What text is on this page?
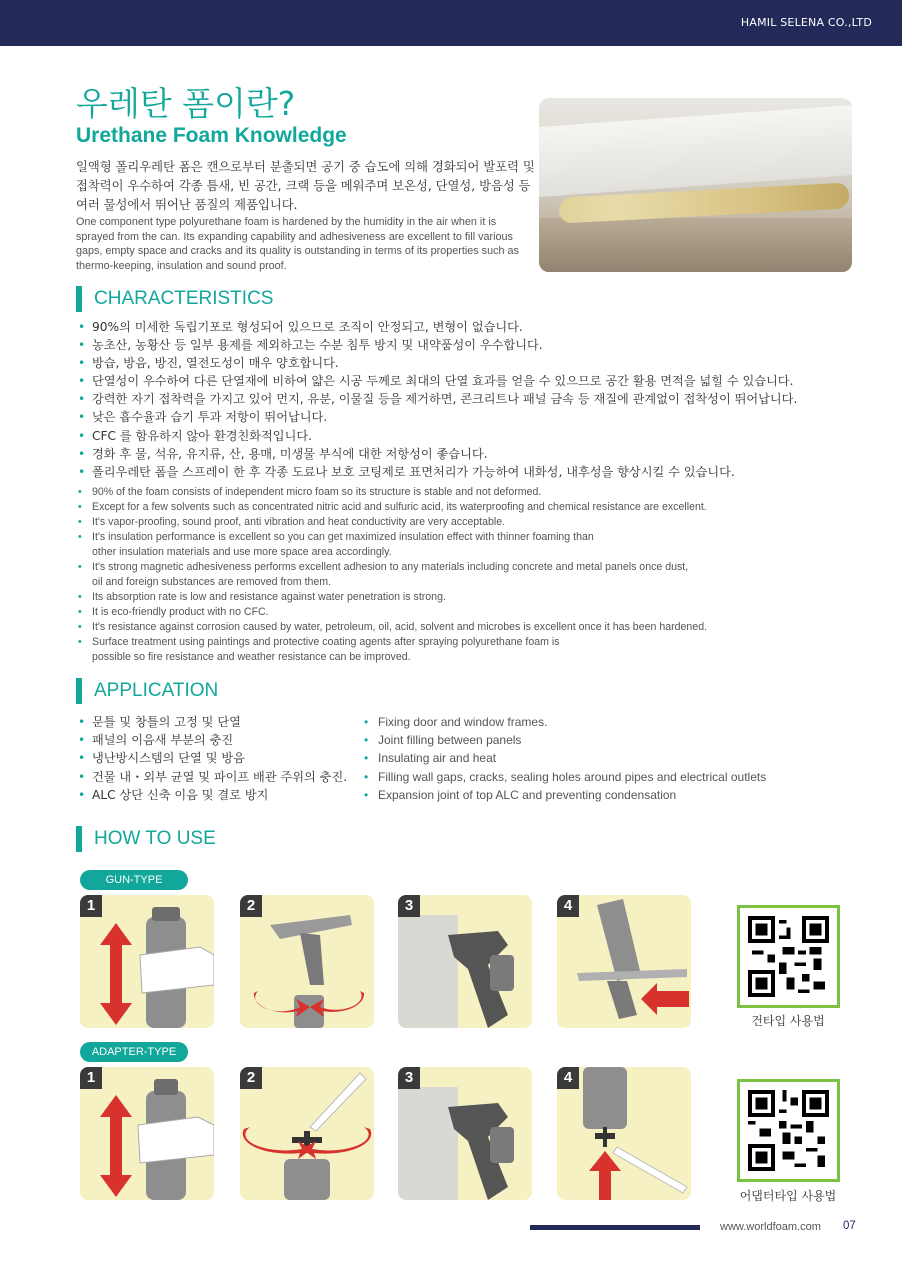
HAMIL SELENA CO.,LTD
우레탄 폼이란?
Urethane Foam Knowledge

일액형 폴리우레탄 폼은 캔으로부터 분출되면 공기 중 습도에 의해 경화되어 발포력 및 접착력이 우수하여 각종 틈새, 빈 공간, 크랙 등을 메워주며 보온성, 단열성, 방음성 등 여러 물성에서 뛰어난 품질의 제품입니다.

One component type polyurethane foam is hardened by the humidity in the air when it is sprayed from the can. Its expanding capability and adhesiveness are excellent to fill various gaps, empty space and cracks and its quality is outstanding in terms of its properties such as thermo-keeping, insulation and sound proof.

CHARACTERISTICS
• 90%의 미세한 독립기포로 형성되어 있으므로 조직이 안정되고, 변형이 없습니다.
• 농초산, 농황산 등 일부 용제를 제외하고는 수분 침투 방지 및 내약품성이 우수합니다.
• 방습, 방음, 방진, 열전도성이 매우 양호합니다.
• 단열성이 우수하여 다른 단열재에 비하여 얇은 시공 두께로 최대의 단열 효과를 얻을 수 있으므로 공간 활용 면적을 넓힐 수 있습니다.
• 강력한 자기 접착력을 가지고 있어 먼지, 유분, 이물질 등을 제거하면, 콘크리트나 패널 금속 등 재질에 관계없이 접착성이 뛰어납니다.
• 낮은 흡수율과 습기 투과 저항이 뛰어납니다.
• CFC 를 함유하지 않아 환경친화적입니다.
• 경화 후 물, 석유, 유지류, 산, 용매, 미생물 부식에 대한 저항성이 좋습니다.
• 폴리우레탄 폼을 스프레이 한 후 각종 도료나 보호 코팅제로 표면처리가 가능하여 내화성, 내후성을 향상시킬 수 있습니다.
• 90% of the foam consists of independent micro foam so its structure is stable and not deformed.
• Except for a few solvents such as concentrated nitric acid and sulfuric acid, its waterproofing and chemical resistance are excellent.
• It's vapor-proofing, sound proof, anti vibration and heat conductivity are very acceptable.
• It's insulation performance is excellent so you can get maximized insulation effect with thinner foaming than
other insulation materials and use more space area accordingly.
• It's strong magnetic adhesiveness performs excellent adhesion to any materials including concrete and metal panels once dust,
oil and foreign substances are removed from them.
• Its absorption rate is low and resistance against water penetration is strong.
• It is eco-friendly product with no CFC.
• It's resistance against corrosion caused by water, petroleum, oil, acid, solvent and microbes is excellent once it has been hardened.
• Surface treatment using paintings and protective coating agents after spraying polyurethane foam is
possible so fire resistance and weather resistance can be improved.
APPLICATION
• 문틀 및 창틀의 고정 및 단열
• 패널의 이음새 부분의 충진
• 냉난방시스템의 단열 및 방음
• 건물 내・외부 균열 및 파이프 배관 주위의 충진.
• ALC 상단 신축 이음 및 결로 방지
• Fixing door and window frames.
• Joint filling between panels
• Insulating air and heat
• Filling wall gaps, cracks, sealing holes around pipes and electrical outlets
• Expansion joint of top ALC and preventing condensation
HOW TO USE
GUN-TYPE
1	2	3	4
건타입 사용법
ADAPTER-TYPE
1	2	3	4
어댑터타입 사용법
www.worldfoam.com 07
